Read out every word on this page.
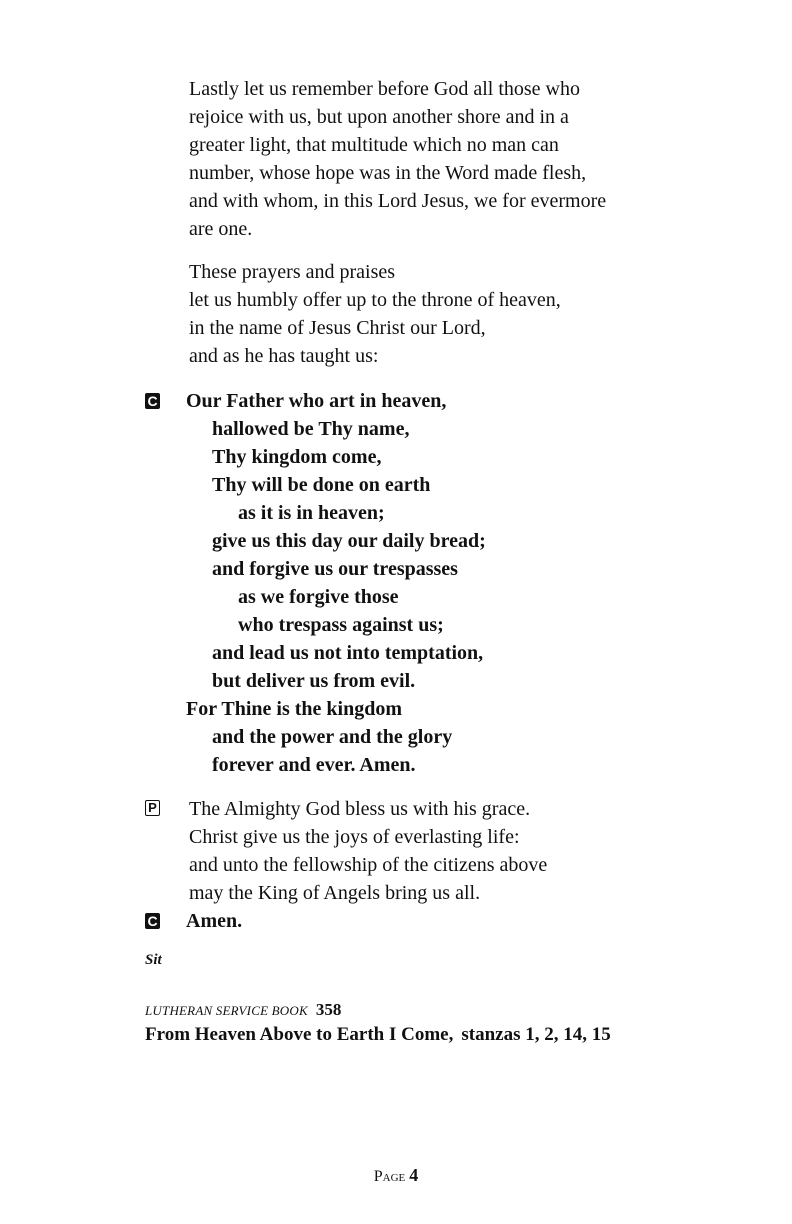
Lastly let us remember before God all those who
rejoice with us, but upon another shore and in a
greater light, that multitude which no man can
number, whose hope was in the Word made flesh,
and with whom, in this Lord Jesus, we for evermore
are one.
These prayers and praises
let us humbly offer up to the throne of heaven,
in the name of Jesus Christ our Lord,
and as he has taught us:
C Our Father who art in heaven,
hallowed be Thy name,
Thy kingdom come,
Thy will be done on earth
as it is in heaven;
give us this day our daily bread;
and forgive us our trespasses
as we forgive those
who trespass against us;
and lead us not into temptation,
but deliver us from evil.
For Thine is the kingdom
and the power and the glory
forever and ever. Amen.
P The Almighty God bless us with his grace.
Christ give us the joys of everlasting life:
and unto the fellowship of the citizens above
may the King of Angels bring us all.
C Amen.
Sit
LUTHERAN SERVICE BOOK 358
From Heaven Above to Earth I Come, stanzas 1, 2, 14, 15
Page 4
